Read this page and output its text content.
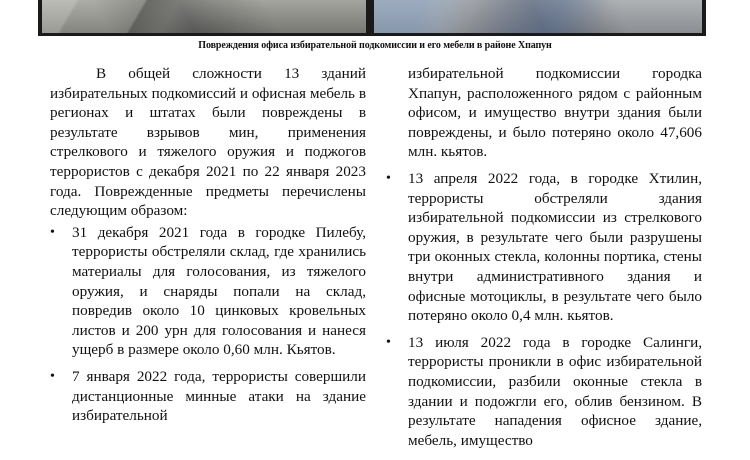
Повреждения офиса избирательной подкомиссии и его мебели в районе Хпапун

В общей сложности 13 зданий избирательных подкомиссий и офисная мебель в регионах и штатах были повреждены в результате взрывов мин, применения стрелкового и тяжелого оружия и поджогов террористов с декабря 2021 по 22 января 2023 года. Поврежденные предметы перечислены следующим образом:

• 31 декабря 2021 года в городке Пилебу, террористы обстреляли склад, где хранились материалы для голосования, из тяжелого оружия, и снаряды попали на склад, повредив около 10 цинковых кровельных листов и 200 урн для голосования и нанеся ущерб в размере около 0,60 млн. Кьятов.
• 7 января 2022 года, террористы совершили дистанционные минные атаки на здание избирательной

избирательной подкомиссии городка Хпапун, расположенного рядом с районным офисом, и имущество внутри здания были повреждены, и было потеряно около 47,606 млн. кьятов.

• 13 апреля 2022 года, в городке Хтилин, террористы обстреляли здания избирательной подкомиссии из стрелкового оружия, в результате чего были разрушены три оконных стекла, колонны портика, стены внутри административного здания и офисные мотоциклы, в результате чего было потеряно около 0,4 млн. кьятов.
• 13 июля 2022 года в городке Салинги, террористы проникли в офис избирательной подкомиссии, разбили оконные стекла в здании и подожгли его, облив бензином. В результате нападения офисное здание, мебель, имущество
